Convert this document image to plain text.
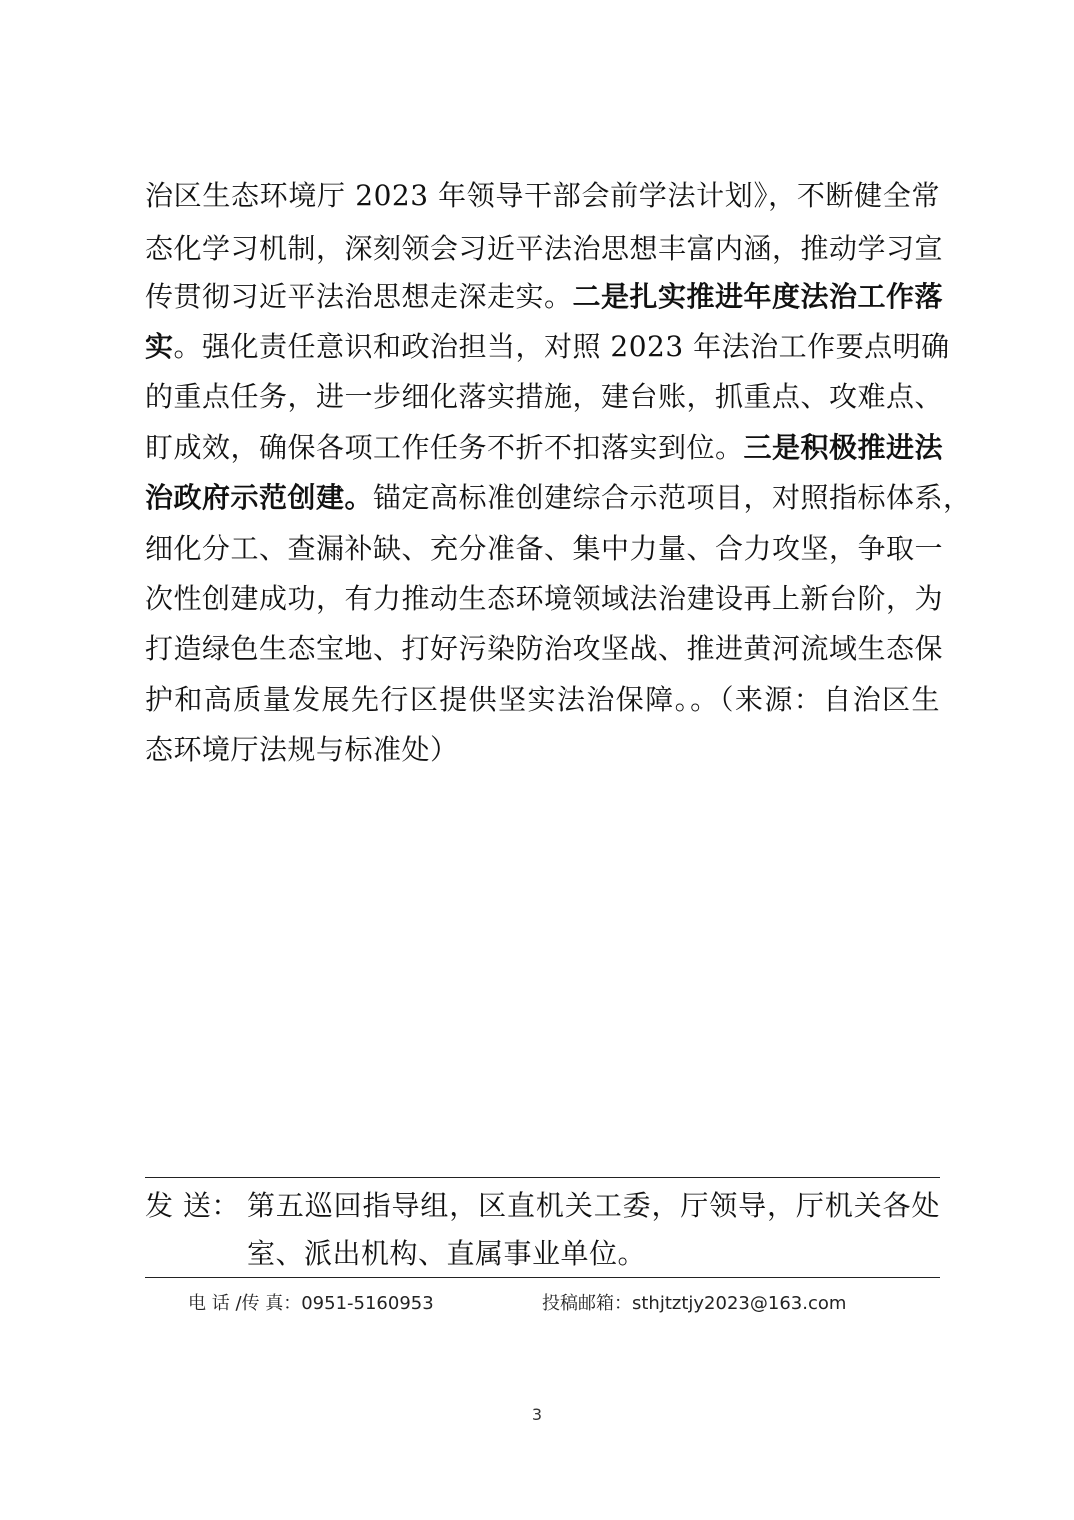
治区生态环境厅 2023 年领导干部会前学法计划》，不断健全常
态化学习机制，深刻领会习近平法治思想丰富内涵，推动学习宣
传贯彻习近平法治思想走深走实。二是扎实推进年度法治工作落
实。强化责任意识和政治担当，对照 2023 年法治工作要点明确
的重点任务，进一步细化落实措施，建台账，抓重点、攻难点、
盯成效，确保各项工作任务不折不扣落实到位。三是积极推进法
治政府示范创建。锚定高标准创建综合示范项目，对照指标体系，
细化分工、查漏补缺、充分准备、集中力量、合力攻坚，争取一
次性创建成功，有力推动生态环境领域法治建设再上新台阶，为
打造绿色生态宝地、打好污染防治攻坚战、推进黄河流域生态保
护和高质量发展先行区提供坚实法治保障。。（来源：自治区生
态环境厅法规与标准处）
发 送： 第五巡回指导组，区直机关工委，厅领导，厅机关各处
室、派出机构、直属事业单位。
电 话 /传 真：0951-5160953	投稿邮箱：sthjtztjy2023@163.com
3
